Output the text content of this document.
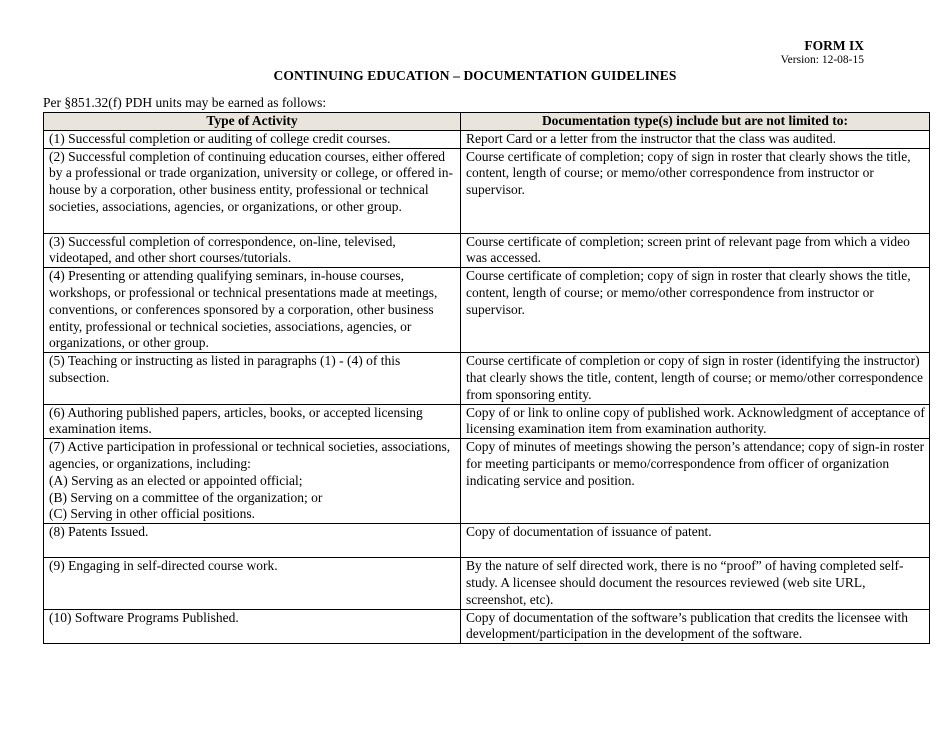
FORM IX
Version: 12-08-15
CONTINUING EDUCATION – DOCUMENTATION GUIDELINES
Per §851.32(f) PDH units may be earned as follows:
Type of Activity	Documentation type(s) include but are not limited to:

(1) Successful completion or auditing of college credit courses.	Report Card or a letter from the instructor that the class was audited.

(2) Successful completion of continuing education courses, either offered by a professional or trade organization, university or college, or offered in-house by a corporation, other business entity, professional or technical societies, associations, agencies, or organizations, or other group.	Course certificate of completion; copy of sign in roster that clearly shows the title, content, length of course; or memo/other correspondence from instructor or supervisor.

(3) Successful completion of correspondence, on-line, televised, videotaped, and other short courses/tutorials.	Course certificate of completion; screen print of relevant page from which a video was accessed.

(4) Presenting or attending qualifying seminars, in-house courses, workshops, or professional or technical presentations made at meetings, conventions, or conferences sponsored by a corporation, other business entity, professional or technical societies, associations, agencies, or organizations, or other group.	Course certificate of completion; copy of sign in roster that clearly shows the title, content, length of course; or memo/other correspondence from instructor or supervisor.

(5) Teaching or instructing as listed in paragraphs (1) - (4) of this subsection.	Course certificate of completion or copy of sign in roster (identifying the instructor) that clearly shows the title, content, length of course; or memo/other correspondence from sponsoring entity.

(6) Authoring published papers, articles, books, or accepted licensing examination items.	Copy of or link to online copy of published work. Acknowledgment of acceptance of licensing examination item from examination authority.

(7) Active participation in professional or technical societies, associations, agencies, or organizations, including:
(A) Serving as an elected or appointed official;
(B) Serving on a committee of the organization; or
(C) Serving in other official positions.	Copy of minutes of meetings showing the person’s attendance; copy of sign-in roster for meeting participants or memo/correspondence from officer of organization indicating service and position.

(8) Patents Issued.	Copy of documentation of issuance of patent.

(9) Engaging in self-directed course work.	By the nature of self directed work, there is no “proof” of having completed self-study. A licensee should document the resources reviewed (web site URL, screenshot, etc).

(10) Software Programs Published.	Copy of documentation of the software’s publication that credits the licensee with development/participation in the development of the software.
